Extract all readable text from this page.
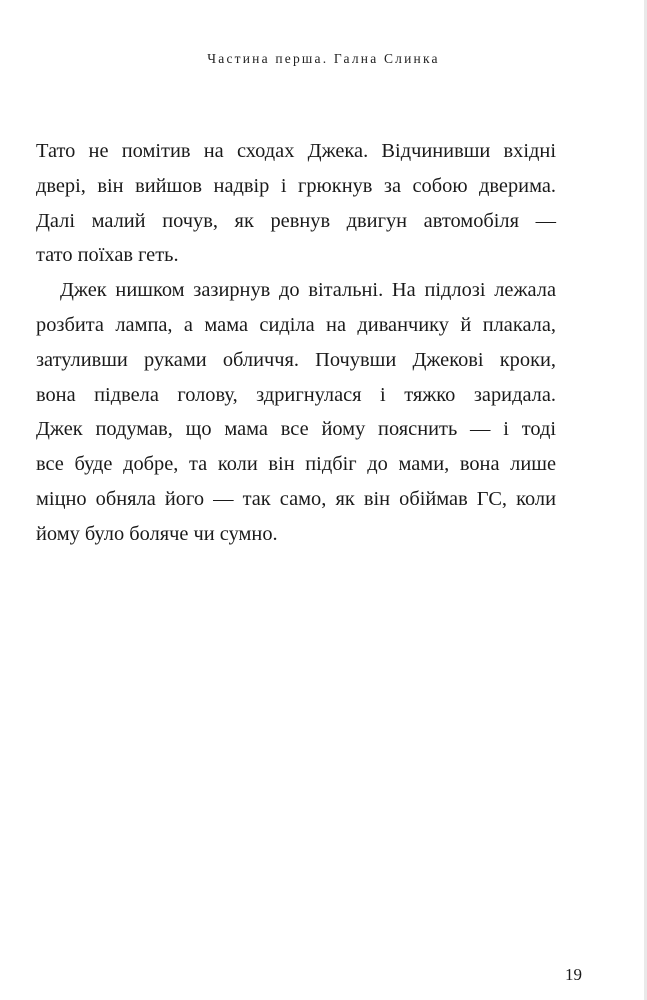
Частина перша. Гална Слинка

Тато не помітив на сходах Джека. Відчинивши вхідні
двері, він вийшов надвір і грюкнув за собою дверима.
Далі малий почув, як ревнув двигун автомобіля —
тато поїхав геть.

Джек нишком зазирнув до вітальні. На підлозі лежала
розбита лампа, а мама сиділа на диванчику й плакала,
затуливши руками обличчя. Почувши Джекові кроки,
вона підвела голову, здригнулася і тяжко заридала.
Джек подумав, що мама все йому пояснить — і тоді
все буде добре, та коли він підбіг до мами, вона лише
міцно обняла його — так само, як він обіймав ГС, коли
йому було боляче чи сумно.

19
